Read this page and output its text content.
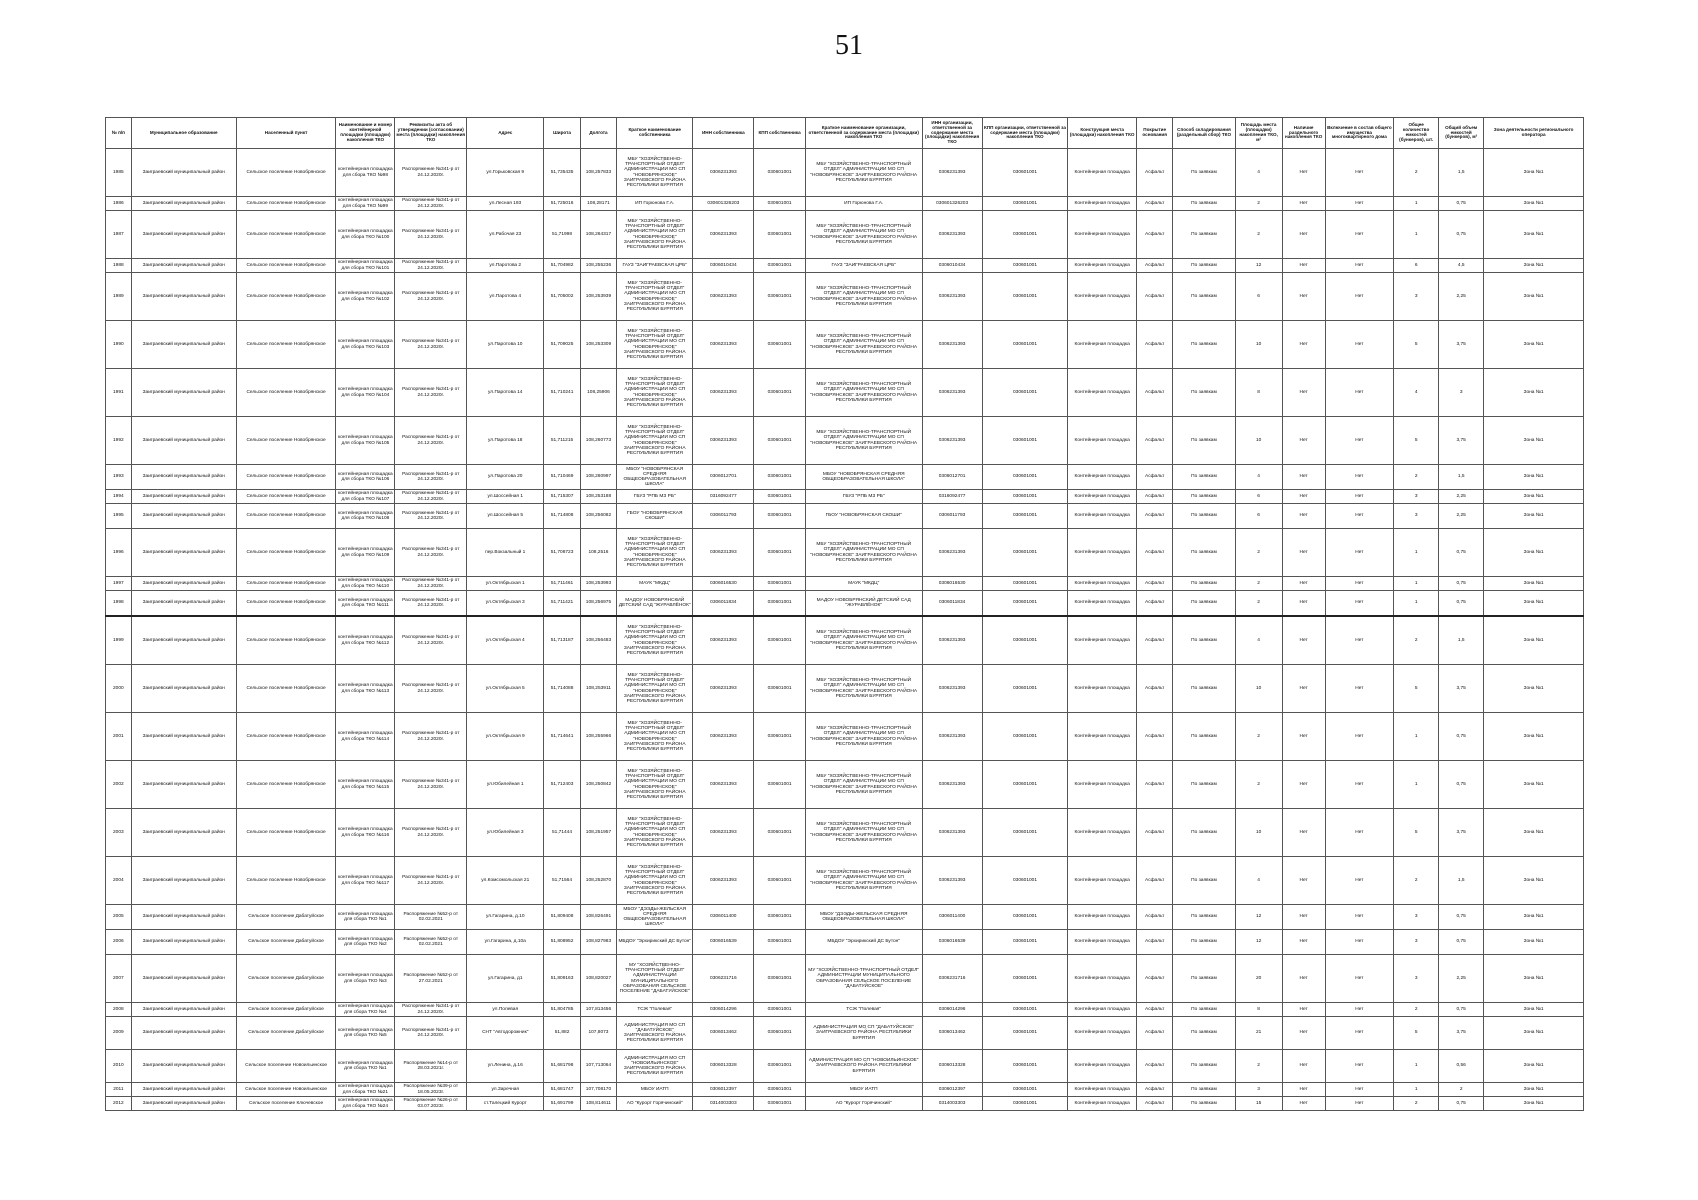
51
№ п/п	Муниципальное образование	Населенный пункт	Наименование и номер контейнерной площадки (площадки) накопления ТКО	Реквизиты акта об утверждении (согласовании) места (площадки) накопления ТКО	Адрес	Широта	Долгота	Краткое наименование собственника	ИНН собственника	КПП собственника	Краткое наименование организации, ответственной за содержание места (площадки) накопления ТКО	ИНН организации, ответственной за содержание места (площадки) накопления ТКО	КПП организации, ответственной за содержание места (площадки) накопления ТКО	Конструкция места (площадки) накопления ТКО	Покрытие основания	Способ складирования (раздельный сбор) ТКО	Площадь места (площадки) накопления ТКО, м²	Наличие раздельного накопления ТКО	Включение в состав общего имущества многоквартирного дома	Общее количество емкостей (бункеров), шт.	Общий объем емкостей (бункеров), м³	Зона деятельности регионального оператора
1985	Заиграевский муниципальный район	Сельское поселение Новобрянское	контейнерная площадка для сбора ТКО №98	Распоряжение №341-р от 24.12.2020г.	ул.Горьковская 9	51,735435	108,257833	МБУ "ХОЗЯЙСТВЕННО-ТРАНСПОРТНЫЙ ОТДЕЛ" АДМИНИСТРАЦИИ МО СП "НОВОБРЯНСКОЕ" ЗАИГРАЕВСКОГО РАЙОНА РЕСПУБЛИКИ БУРЯТИЯ	0306231393	030601001	МБУ "ХОЗЯЙСТВЕННО-ТРАНСПОРТНЫЙ ОТДЕЛ" АДМИНИСТРАЦИИ МО СП "НОВОБРЯНСКОЕ" ЗАИГРАЕВСКОГО РАЙОНА РЕСПУБЛИКИ БУРЯТИЯ	0306231393	030601001	Контейнерная площадка	Асфальт	По заявкам	4	Нет	Нет	2	1,5	Зона №1
1986	Заиграевский муниципальный район	Сельское поселение Новобрянское	контейнерная площадка для сбора ТКО №99	Распоряжение №341-р от 24.12.2020г.	ул.Лесная 193	51,725016	108,28171	ИП Горюнова Г.А.	030601326203	030601001	ИП Горюнова Г.А.	030601326203	030601001	Контейнерная площадка	Асфальт	По заявкам	2	Нет	Нет	1	0,75	Зона №1
1987	Заиграевский муниципальный район	Сельское поселение Новобрянское	контейнерная площадка для сбора ТКО №100	Распоряжение №341-р от 24.12.2020г.	ул.Рабочая 23	51,71998	108,264317	МБУ "ХОЗЯЙСТВЕННО-ТРАНСПОРТНЫЙ ОТДЕЛ" АДМИНИСТРАЦИИ МО СП "НОВОБРЯНСКОЕ" ЗАИГРАЕВСКОГО РАЙОНА РЕСПУБЛИКИ БУРЯТИЯ	0306231393	030601001	МБУ "ХОЗЯЙСТВЕННО-ТРАНСПОРТНЫЙ ОТДЕЛ" АДМИНИСТРАЦИИ МО СП "НОВОБРЯНСКОЕ" ЗАИГРАЕВСКОГО РАЙОНА РЕСПУБЛИКИ БУРЯТИЯ	0306231393	030601001	Контейнерная площадка	Асфальт	По заявкам	2	Нет	Нет	1	0,75	Зона №1
1988	Заиграевский муниципальный район	Сельское поселение Новобрянское	контейнерная площадка для сбора ТКО №101	Распоряжение №341-р от 24.12.2020г.	ул.Паротова 2	51,704982	108,255236	ГАУЗ "ЗАИГРАЕВСКАЯ ЦРБ"	0306010434	030601001	ГАУЗ "ЗАИГРАЕВСКАЯ ЦРБ"	0306010434	030601001	Контейнерная площадка	Асфальт	По заявкам	12	Нет	Нет	6	4,5	Зона №1
1989	Заиграевский муниципальный район	Сельское поселение Новобрянское	контейнерная площадка для сбора ТКО №102	Распоряжение №341-р от 24.12.2020г.	ул.Паротова 4	51,705002	108,253939	МБУ "ХОЗЯЙСТВЕННО-ТРАНСПОРТНЫЙ ОТДЕЛ" АДМИНИСТРАЦИИ МО СП "НОВОБРЯНСКОЕ" ЗАИГРАЕВСКОГО РАЙОНА РЕСПУБЛИКИ БУРЯТИЯ	0306231393	030601001	МБУ "ХОЗЯЙСТВЕННО-ТРАНСПОРТНЫЙ ОТДЕЛ" АДМИНИСТРАЦИИ МО СП "НОВОБРЯНСКОЕ" ЗАИГРАЕВСКОГО РАЙОНА РЕСПУБЛИКИ БУРЯТИЯ	0306231393	030601001	Контейнерная площадка	Асфальт	По заявкам	6	Нет	Нет	3	2,25	Зона №1
1990	Заиграевский муниципальный район	Сельское поселение Новобрянское	контейнерная площадка для сбора ТКО №103	Распоряжение №341-р от 24.12.2020г.	ул.Паротова 10	51,709025	108,253309	МБУ "ХОЗЯЙСТВЕННО-ТРАНСПОРТНЫЙ ОТДЕЛ" АДМИНИСТРАЦИИ МО СП "НОВОБРЯНСКОЕ" ЗАИГРАЕВСКОГО РАЙОНА РЕСПУБЛИКИ БУРЯТИЯ	0306231393	030601001	МБУ "ХОЗЯЙСТВЕННО-ТРАНСПОРТНЫЙ ОТДЕЛ" АДМИНИСТРАЦИИ МО СП "НОВОБРЯНСКОЕ" ЗАИГРАЕВСКОГО РАЙОНА РЕСПУБЛИКИ БУРЯТИЯ	0306231393	030601001	Контейнерная площадка	Асфальт	По заявкам	10	Нет	Нет	5	3,75	Зона №1
1991	Заиграевский муниципальный район	Сельское поселение Новобрянское	контейнерная площадка для сбора ТКО №104	Распоряжение №341-р от 24.12.2020г.	ул.Паротова 14	51,710241	108,25906	МБУ "ХОЗЯЙСТВЕННО-ТРАНСПОРТНЫЙ ОТДЕЛ" АДМИНИСТРАЦИИ МО СП "НОВОБРЯНСКОЕ" ЗАИГРАЕВСКОГО РАЙОНА РЕСПУБЛИКИ БУРЯТИЯ	0306231393	030601001	МБУ "ХОЗЯЙСТВЕННО-ТРАНСПОРТНЫЙ ОТДЕЛ" АДМИНИСТРАЦИИ МО СП "НОВОБРЯНСКОЕ" ЗАИГРАЕВСКОГО РАЙОНА РЕСПУБЛИКИ БУРЯТИЯ	0306231393	030601001	Контейнерная площадка	Асфальт	По заявкам	8	Нет	Нет	4	3	Зона №1
1992	Заиграевский муниципальный район	Сельское поселение Новобрянское	контейнерная площадка для сбора ТКО №105	Распоряжение №341-р от 24.12.2020г.	ул.Паротова 18	51,711215	108,260773	МБУ "ХОЗЯЙСТВЕННО-ТРАНСПОРТНЫЙ ОТДЕЛ" АДМИНИСТРАЦИИ МО СП "НОВОБРЯНСКОЕ" ЗАИГРАЕВСКОГО РАЙОНА РЕСПУБЛИКИ БУРЯТИЯ	0306231393	030601001	МБУ "ХОЗЯЙСТВЕННО-ТРАНСПОРТНЫЙ ОТДЕЛ" АДМИНИСТРАЦИИ МО СП "НОВОБРЯНСКОЕ" ЗАИГРАЕВСКОГО РАЙОНА РЕСПУБЛИКИ БУРЯТИЯ	0306231393	030601001	Контейнерная площадка	Асфальт	По заявкам	10	Нет	Нет	5	3,75	Зона №1
1993	Заиграевский муниципальный район	Сельское поселение Новобрянское	контейнерная площадка для сбора ТКО №106	Распоряжение №341-р от 24.12.2020г.	ул.Паротова 20	51,710469	108,260997	МБОУ "НОВОБРЯНСКАЯ СРЕДНЯЯ ОБЩЕОБРАЗОВАТЕЛЬНАЯ ШКОЛА"	0306012701	030601001	МБОУ "НОВОБРЯНСКАЯ СРЕДНЯЯ ОБЩЕОБРАЗОВАТЕЛЬНАЯ ШКОЛА"	0306012701	030601001	Контейнерная площадка	Асфальт	По заявкам	4	Нет	Нет	2	1,5	Зона №1
1994	Заиграевский муниципальный район	Сельское поселение Новобрянское	контейнерная площадка для сбора ТКО №107	Распоряжение №341-р от 24.12.2020г.	ул.Шоссейная 1	51,715307	108,253188	ГБУЗ "РПБ МЗ РБ"	0316092477	030601001	ГБУЗ "РПБ МЗ РБ"	0316092477	030601001	Контейнерная площадка	Асфальт	По заявкам	6	Нет	Нет	3	2,25	Зона №1
1995	Заиграевский муниципальный район	Сельское поселение Новобрянское	контейнерная площадка для сбора ТКО №108	Распоряжение №341-р от 24.12.2020г.	ул.Шоссейная 5	51,714808	108,256082	ГБОУ "НОВОБРЯНСКАЯ СКОШИ"	0306011793	030601001	ГБОУ "НОВОБРЯНСКАЯ СКОШИ"	0306011793	030601001	Контейнерная площадка	Асфальт	По заявкам	6	Нет	Нет	3	2,25	Зона №1
1996	Заиграевский муниципальный район	Сельское поселение Новобрянское	контейнерная площадка для сбора ТКО №109	Распоряжение №341-р от 24.12.2020г.	пер.Вокзальный 1	51,708723	108,2516	МБУ "ХОЗЯЙСТВЕННО-ТРАНСПОРТНЫЙ ОТДЕЛ" АДМИНИСТРАЦИИ МО СП "НОВОБРЯНСКОЕ" ЗАИГРАЕВСКОГО РАЙОНА РЕСПУБЛИКИ БУРЯТИЯ	0306231393	030601001	МБУ "ХОЗЯЙСТВЕННО-ТРАНСПОРТНЫЙ ОТДЕЛ" АДМИНИСТРАЦИИ МО СП "НОВОБРЯНСКОЕ" ЗАИГРАЕВСКОГО РАЙОНА РЕСПУБЛИКИ БУРЯТИЯ	0306231393	030601001	Контейнерная площадка	Асфальт	По заявкам	2	Нет	Нет	1	0,75	Зона №1
1997	Заиграевский муниципальный район	Сельское поселение Новобрянское	контейнерная площадка для сбора ТКО №110	Распоряжение №341-р от 24.12.2020г.	ул.Октябрьская 1	51,711461	108,253993	МАУК "МКДЦ"	0306016530	030601001	МАУК "МКДЦ"	0306016530	030601001	Контейнерная площадка	Асфальт	По заявкам	2	Нет	Нет	1	0,75	Зона №1
1998	Заиграевский муниципальный район	Сельское поселение Новобрянское	контейнерная площадка для сбора ТКО №111	Распоряжение №341-р от 24.12.2020г.	ул.Октябрьская 3	51,711421	108,256975	МАДОУ НОВОБРЯНСКИЙ ДЕТСКИЙ САД "ЖУРАВЛЁНОК"	0306011834	030601001	МАДОУ НОВОБРЯНСКИЙ ДЕТСКИЙ САД "ЖУРАВЛЁНОК"	0306011834	030601001	Контейнерная площадка	Асфальт	По заявкам	2	Нет	Нет	1	0,75	Зона №1
1999	Заиграевский муниципальный район	Сельское поселение Новобрянское	контейнерная площадка для сбора ТКО №112	Распоряжение №341-р от 24.12.2020г.	ул.Октябрьская 4	51,713187	108,256483	МБУ "ХОЗЯЙСТВЕННО-ТРАНСПОРТНЫЙ ОТДЕЛ" АДМИНИСТРАЦИИ МО СП "НОВОБРЯНСКОЕ" ЗАИГРАЕВСКОГО РАЙОНА РЕСПУБЛИКИ БУРЯТИЯ	0306231393	030601001	МБУ "ХОЗЯЙСТВЕННО-ТРАНСПОРТНЫЙ ОТДЕЛ" АДМИНИСТРАЦИИ МО СП "НОВОБРЯНСКОЕ" ЗАИГРАЕВСКОГО РАЙОНА РЕСПУБЛИКИ БУРЯТИЯ	0306231393	030601001	Контейнерная площадка	Асфальт	По заявкам	4	Нет	Нет	2	1,5	Зона №1
2000	Заиграевский муниципальный район	Сельское поселение Новобрянское	контейнерная площадка для сбора ТКО №113	Распоряжение №341-р от 24.12.2020г.	ул.Октябрьская 5	51,714088	108,253911	МБУ "ХОЗЯЙСТВЕННО-ТРАНСПОРТНЫЙ ОТДЕЛ" АДМИНИСТРАЦИИ МО СП "НОВОБРЯНСКОЕ" ЗАИГРАЕВСКОГО РАЙОНА РЕСПУБЛИКИ БУРЯТИЯ	0306231393	030601001	МБУ "ХОЗЯЙСТВЕННО-ТРАНСПОРТНЫЙ ОТДЕЛ" АДМИНИСТРАЦИИ МО СП "НОВОБРЯНСКОЕ" ЗАИГРАЕВСКОГО РАЙОНА РЕСПУБЛИКИ БУРЯТИЯ	0306231393	030601001	Контейнерная площадка	Асфальт	По заявкам	10	Нет	Нет	5	3,75	Зона №1
2001	Заиграевский муниципальный район	Сельское поселение Новобрянское	контейнерная площадка для сбора ТКО №114	Распоряжение №341-р от 24.12.2020г.	ул.Октябрьская 9	51,714641	108,255966	МБУ "ХОЗЯЙСТВЕННО-ТРАНСПОРТНЫЙ ОТДЕЛ" АДМИНИСТРАЦИИ МО СП "НОВОБРЯНСКОЕ" ЗАИГРАЕВСКОГО РАЙОНА РЕСПУБЛИКИ БУРЯТИЯ	0306231393	030601001	МБУ "ХОЗЯЙСТВЕННО-ТРАНСПОРТНЫЙ ОТДЕЛ" АДМИНИСТРАЦИИ МО СП "НОВОБРЯНСКОЕ" ЗАИГРАЕВСКОГО РАЙОНА РЕСПУБЛИКИ БУРЯТИЯ	0306231393	030601001	Контейнерная площадка	Асфальт	По заявкам	2	Нет	Нет	1	0,75	Зона №1
2002	Заиграевский муниципальный район	Сельское поселение Новобрянское	контейнерная площадка для сбора ТКО №115	Распоряжение №341-р от 24.12.2020г.	ул.Юбилейная 1	51,712403	108,250842	МБУ "ХОЗЯЙСТВЕННО-ТРАНСПОРТНЫЙ ОТДЕЛ" АДМИНИСТРАЦИИ МО СП "НОВОБРЯНСКОЕ" ЗАИГРАЕВСКОГО РАЙОНА РЕСПУБЛИКИ БУРЯТИЯ	0306231393	030601001	МБУ "ХОЗЯЙСТВЕННО-ТРАНСПОРТНЫЙ ОТДЕЛ" АДМИНИСТРАЦИИ МО СП "НОВОБРЯНСКОЕ" ЗАИГРАЕВСКОГО РАЙОНА РЕСПУБЛИКИ БУРЯТИЯ	0306231393	030601001	Контейнерная площадка	Асфальт	По заявкам	2	Нет	Нет	1	0,75	Зона №1
2003	Заиграевский муниципальный район	Сельское поселение Новобрянское	контейнерная площадка для сбора ТКО №116	Распоряжение №341-р от 24.12.2020г.	ул.Юбилейная 3	51,71444	108,251957	МБУ "ХОЗЯЙСТВЕННО-ТРАНСПОРТНЫЙ ОТДЕЛ" АДМИНИСТРАЦИИ МО СП "НОВОБРЯНСКОЕ" ЗАИГРАЕВСКОГО РАЙОНА РЕСПУБЛИКИ БУРЯТИЯ	0306231393	030601001	МБУ "ХОЗЯЙСТВЕННО-ТРАНСПОРТНЫЙ ОТДЕЛ" АДМИНИСТРАЦИИ МО СП "НОВОБРЯНСКОЕ" ЗАИГРАЕВСКОГО РАЙОНА РЕСПУБЛИКИ БУРЯТИЯ	0306231393	030601001	Контейнерная площадка	Асфальт	По заявкам	10	Нет	Нет	5	3,75	Зона №1
2004	Заиграевский муниципальный район	Сельское поселение Новобрянское	контейнерная площадка для сбора ТКО №117	Распоряжение №341-р от 24.12.2020г.	ул.Комсомольская 21	51,71564	108,252870	МБУ "ХОЗЯЙСТВЕННО-ТРАНСПОРТНЫЙ ОТДЕЛ" АДМИНИСТРАЦИИ МО СП "НОВОБРЯНСКОЕ" ЗАИГРАЕВСКОГО РАЙОНА РЕСПУБЛИКИ БУРЯТИЯ	0306231393	030601001	МБУ "ХОЗЯЙСТВЕННО-ТРАНСПОРТНЫЙ ОТДЕЛ" АДМИНИСТРАЦИИ МО СП "НОВОБРЯНСКОЕ" ЗАИГРАЕВСКОГО РАЙОНА РЕСПУБЛИКИ БУРЯТИЯ	0306231393	030601001	Контейнерная площадка	Асфальт	По заявкам	4	Нет	Нет	2	1,5	Зона №1
2005	Заиграевский муниципальный район	Сельское поселение Дабатуйское	контейнерная площадка для сбора ТКО №1	Распоряжение №52-р от 02.02.2021	ул.Гагарина, д.10	51,809408	108,826491	МБОУ "ДЭЭДЫ-ЖЕЛЬСКАЯ СРЕДНЯЯ ОБЩЕОБРАЗОВАТЕЛЬНАЯ ШКОЛА"	0306011400	030601001	МБОУ "ДЭЭДЫ-ЖЕЛЬСКАЯ СРЕДНЯЯ ОБЩЕОБРАЗОВАТЕЛЬНАЯ ШКОЛА"	0306011400	030601001	Контейнерная площадка	Асфальт	По заявкам	12	Нет	Нет	3	0,75	Зона №1
2006	Заиграевский муниципальный район	Сельское поселение Дабатуйское	контейнерная площадка для сбора ТКО №2	Распоряжение №52-р от 02.02.2021	ул.Гагарина, д.10а	51,808952	108,827983	МБДОУ "Эрхирикский ДС Бутон"	0306016539	030601001	МБДОУ "Эрхирикский ДС Бутон"	0306016539	030601001	Контейнерная площадка	Асфальт	По заявкам	12	Нет	Нет	3	0,75	Зона №1
2007	Заиграевский муниципальный район	Сельское поселение Дабатуйское	контейнерная площадка для сбора ТКО №3	Распоряжение №52-р от 27.02.2021	ул.Гагарина, д1	51,809163	108,820027	МУ "ХОЗЯЙСТВЕННО-ТРАНСПОРТНЫЙ ОТДЕЛ" АДМИНИСТРАЦИИ МУНИЦИПАЛЬНОГО ОБРАЗОВАНИЯ СЕЛЬСКОЕ ПОСЕЛЕНИЕ "ДАБАТУЙСКОЕ"	0306231716	030601001	МУ "ХОЗЯЙСТВЕННО-ТРАНСПОРТНЫЙ ОТДЕЛ" АДМИНИСТРАЦИИ МУНИЦИПАЛЬНОГО ОБРАЗОВАНИЯ СЕЛЬСКОЕ ПОСЕЛЕНИЕ "ДАБАТУЙСКОЕ"	0306231716	030601001	Контейнерная площадка	Асфальт	По заявкам	20	Нет	Нет	3	2,25	Зона №1
2008	Заиграевский муниципальный район	Сельское поселение Дабатуйское	контейнерная площадка для сбора ТКО №4	Распоряжение №341-р от 24.12.2020г.	ул.Полевая	51,804785	107,813456	ТСЖ "Полевая"	0306014296	030601001	ТСЖ "Полевая"	0306014296	030601001	Контейнерная площадка	Асфальт	По заявкам	8	Нет	Нет	2	0,75	Зона №1
2009	Заиграевский муниципальный район	Сельское поселение Дабатуйское	контейнерная площадка для сбора ТКО №5	Распоряжение №341-р от 24.12.2020г.	СНТ "Автодорожник"	51,882	107,8073	АДМИНИСТРАЦИЯ МО СП "ДАБАТУЙСКОЕ" ЗАИГРАЕВСКОГО РАЙОНА РЕСПУБЛИКИ БУРЯТИЯ	0306013462	030601001	АДМИНИСТРАЦИЯ МО СП "ДАБАТУЙСКОЕ" ЗАИГРАЕВСКОГО РАЙОНА РЕСПУБЛИКИ БУРЯТИЯ	0306013462	030601001	Контейнерная площадка	Асфальт	По заявкам	21	Нет	Нет	5	3,75	Зона №1
2010	Заиграевский муниципальный район	Сельское поселение Новоильинское	контейнерная площадка для сбора ТКО №1	Распоряжение №14-р от 28.03.2021г.	ул.Ленина, д.16	51,681798	107,713064	АДМИНИСТРАЦИЯ МО СП "НОВОИЛЬИНСКОЕ" ЗАИГРАЕВСКОГО РАЙОНА РЕСПУБЛИКИ БУРЯТИЯ	0306013328	030601001	АДМИНИСТРАЦИЯ МО СП "НОВОИЛЬИНСКОЕ" ЗАИГРАЕВСКОГО РАЙОНА РЕСПУБЛИКИ БУРЯТИЯ	0306013328	030601001	Контейнерная площадка	Асфальт	По заявкам	2	Нет	Нет	1	0,56	Зона №1
2011	Заиграевский муниципальный район	Сельское поселение Новоильинское	контейнерная площадка для сбора ТКО №21	Распоряжение №39-р от 18.05.2023г.	ул.Заречная	51,681747	107,708170	МБОУ ИАТП	0306012397	030601001	МБОУ ИАТП	0306012397	030601001	Контейнерная площадка	Асфальт	По заявкам	3	Нет	Нет	1	2	Зона №1
2012	Заиграевский муниципальный район	Сельское поселение Ключевское	контейнерная площадка для сбора ТКО №24	Распоряжение №26-р от 03.07.2023г.	ст.Талецкий Курорт	51,691799	108,814611	АО "Курорт Горячинский"	0314003303	030601001	АО "Курорт Горячинский"	0314003303	030601001	Контейнерная площадка	Асфальт	По заявкам	15	Нет	Нет	2	0,75	Зона №1
